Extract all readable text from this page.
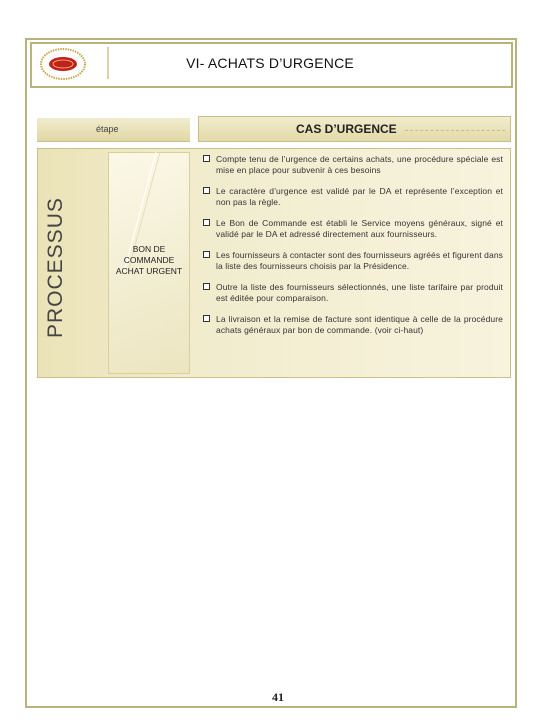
VI- ACHATS D’URGENCE
étape	CAS D’URGENCE
PROCESSUS	BON DE COMMANDE ACHAT URGENT
Compte tenu de l’urgence de certains achats, une procédure spéciale est mise en place pour subvenir à ces besoins
Le caractère d’urgence est validé par le DA et représente l’exception et non pas la règle.
Le Bon de Commande est établi le Service moyens généraux, signé et validé par le DA et adressé directement aux fournisseurs.
Les fournisseurs à contacter sont des fournisseurs agréés et figurent dans la liste des fournisseurs choisis par la Présidence.
Outre la liste des fournisseurs sélectionnés, une liste tarifaire par produit est éditée pour comparaison.
La livraison et la remise de facture sont identique à celle de la procédure achats généraux par bon de commande. (voir ci-haut)
41
